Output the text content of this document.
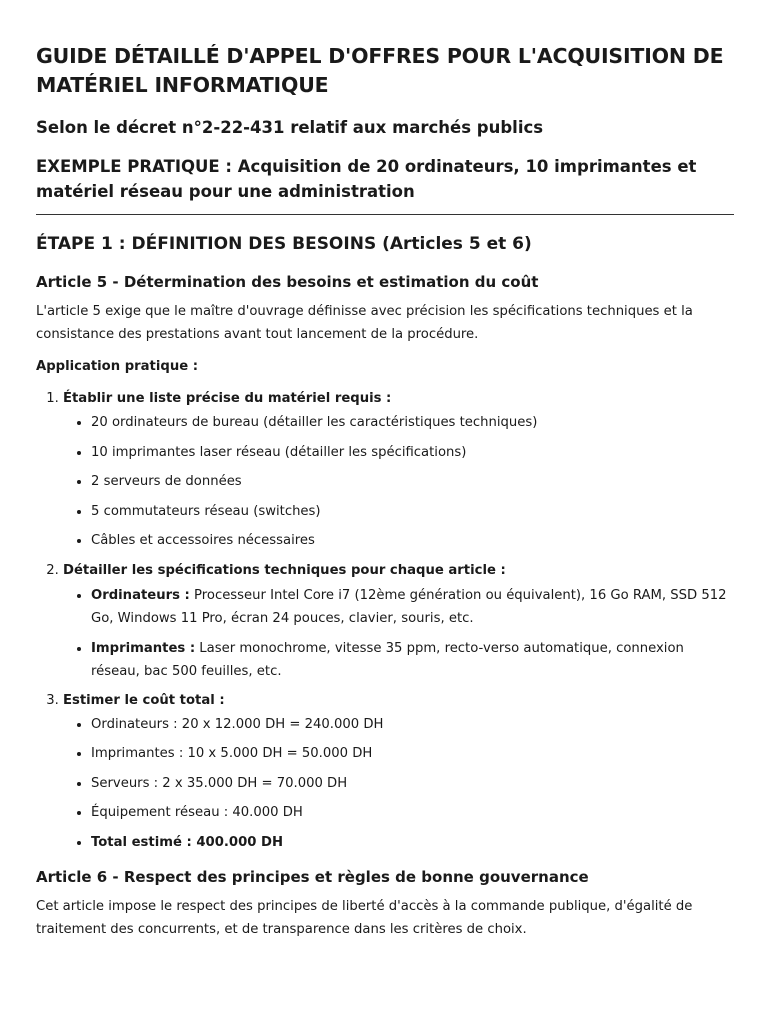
GUIDE DÉTAILLÉ D'APPEL D'OFFRES POUR L'ACQUISITION DE MATÉRIEL INFORMATIQUE
Selon le décret n°2-22-431 relatif aux marchés publics
EXEMPLE PRATIQUE : Acquisition de 20 ordinateurs, 10 imprimantes et matériel réseau pour une administration
ÉTAPE 1 : DÉFINITION DES BESOINS (Articles 5 et 6)
Article 5 - Détermination des besoins et estimation du coût

L'article 5 exige que le maître d'ouvrage définisse avec précision les spécifications techniques et la consistance des prestations avant tout lancement de la procédure.

Application pratique :

1. Établir une liste précise du matériel requis :
• 20 ordinateurs de bureau (détailler les caractéristiques techniques)
• 10 imprimantes laser réseau (détailler les spécifications)
• 2 serveurs de données
• 5 commutateurs réseau (switches)
• Câbles et accessoires nécessaires
2. Détailler les spécifications techniques pour chaque article :
• Ordinateurs : Processeur Intel Core i7 (12ème génération ou équivalent), 16 Go RAM, SSD 512 Go, Windows 11 Pro, écran 24 pouces, clavier, souris, etc.
• Imprimantes : Laser monochrome, vitesse 35 ppm, recto-verso automatique, connexion réseau, bac 500 feuilles, etc.
3. Estimer le coût total :
• Ordinateurs : 20 x 12.000 DH = 240.000 DH
• Imprimantes : 10 x 5.000 DH = 50.000 DH
• Serveurs : 2 x 35.000 DH = 70.000 DH
• Équipement réseau : 40.000 DH
• Total estimé : 400.000 DH
Article 6 - Respect des principes et règles de bonne gouvernance

Cet article impose le respect des principes de liberté d'accès à la commande publique, d'égalité de traitement des concurrents, et de transparence dans les critères de choix.
